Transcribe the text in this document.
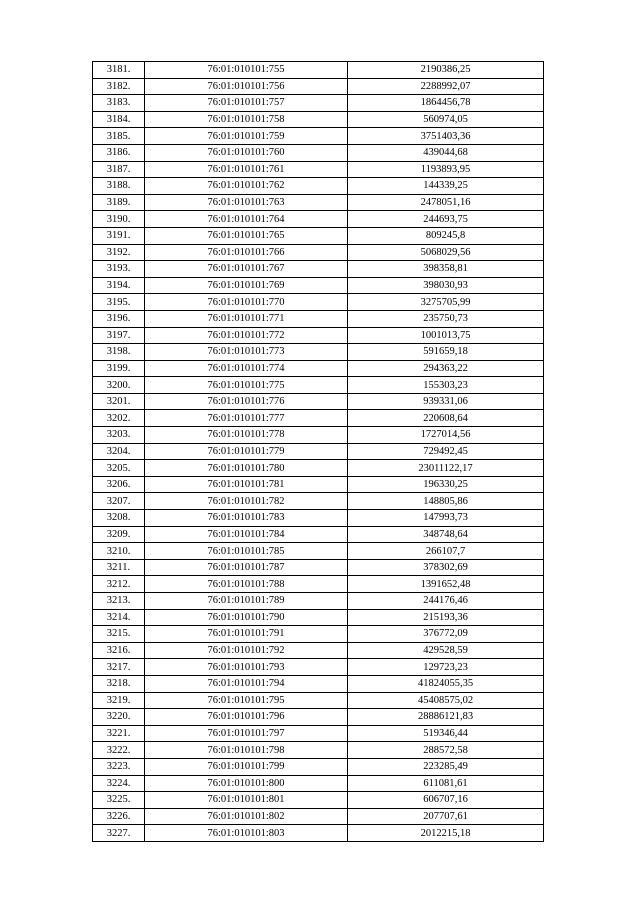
3181.	76:01:010101:755	2190386,25
3182.	76:01:010101:756	2288992,07
3183.	76:01:010101:757	1864456,78
3184.	76:01:010101:758	560974,05
3185.	76:01:010101:759	3751403,36
3186.	76:01:010101:760	439044,68
3187.	76:01:010101:761	1193893,95
3188.	76:01:010101:762	144339,25
3189.	76:01:010101:763	2478051,16
3190.	76:01:010101:764	244693,75
3191.	76:01:010101:765	809245,8
3192.	76:01:010101:766	5068029,56
3193.	76:01:010101:767	398358,81
3194.	76:01:010101:769	398030,93
3195.	76:01:010101:770	3275705,99
3196.	76:01:010101:771	235750,73
3197.	76:01:010101:772	1001013,75
3198.	76:01:010101:773	591659,18
3199.	76:01:010101:774	294363,22
3200.	76:01:010101:775	155303,23
3201.	76:01:010101:776	939331,06
3202.	76:01:010101:777	220608,64
3203.	76:01:010101:778	1727014,56
3204.	76:01:010101:779	729492,45
3205.	76:01:010101:780	23011122,17
3206.	76:01:010101:781	196330,25
3207.	76:01:010101:782	148805,86
3208.	76:01:010101:783	147993,73
3209.	76:01:010101:784	348748,64
3210.	76:01:010101:785	266107,7
3211.	76:01:010101:787	378302,69
3212.	76:01:010101:788	1391652,48
3213.	76:01:010101:789	244176,46
3214.	76:01:010101:790	215193,36
3215.	76:01:010101:791	376772,09
3216.	76:01:010101:792	429528,59
3217.	76:01:010101:793	129723,23
3218.	76:01:010101:794	41824055,35
3219.	76:01:010101:795	45408575,02
3220.	76:01:010101:796	28886121,83
3221.	76:01:010101:797	519346,44
3222.	76:01:010101:798	288572,58
3223.	76:01:010101:799	223285,49
3224.	76:01:010101:800	611081,61
3225.	76:01:010101:801	606707,16
3226.	76:01:010101:802	207707,61
3227.	76:01:010101:803	2012215,18
